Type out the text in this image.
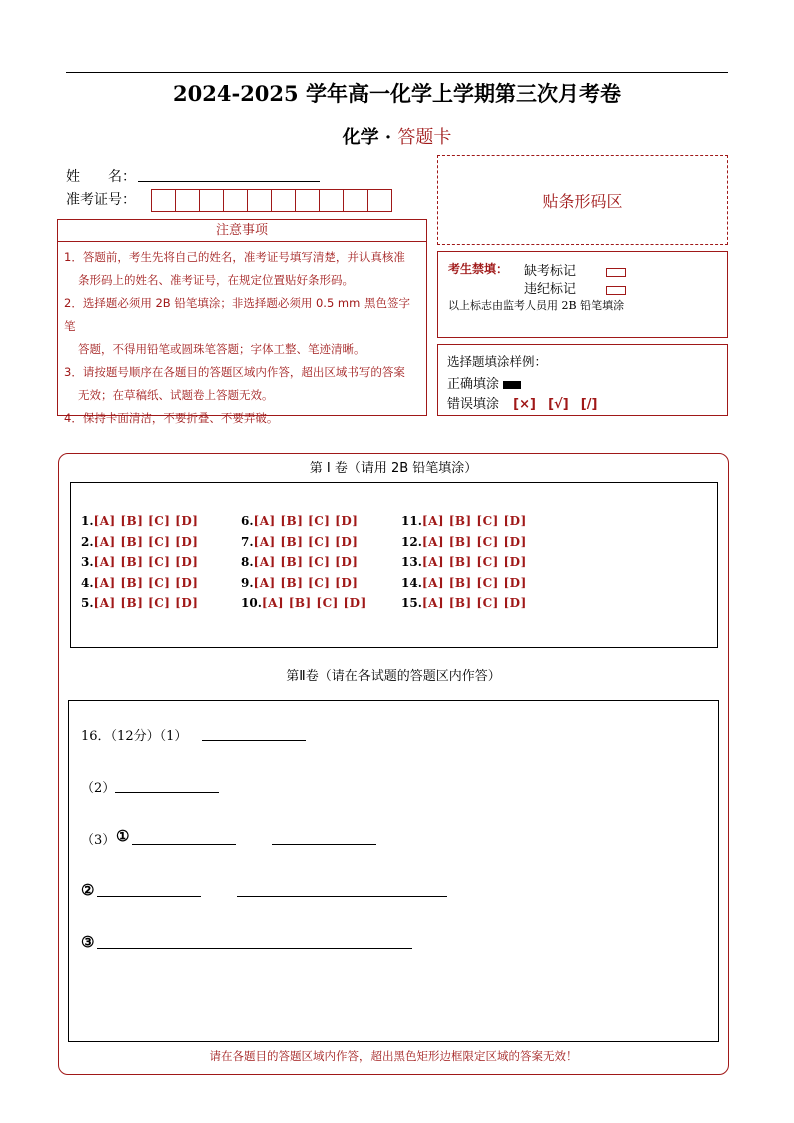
2024-2025 学年高一化学上学期第三次月考卷
化学 · 答题卡
姓　　名：
准考证号：	贴条形码区
注意事项

1．答题前，考生先将自己的姓名，准考证号填写清楚，并认真核准

条形码上的姓名、准考证号，在规定位置贴好条形码。

2．选择题必须用 2B 铅笔填涂；非选择题必须用 0.5 mm 黑色签字笔

答题，不得用铅笔或圆珠笔答题；字体工整、笔迹清晰。

3．请按题号顺序在各题目的答题区域内作答，超出区域书写的答案

无效；在草稿纸、试题卷上答题无效。

4．保持卡面清洁，不要折叠、不要弄破。

考生禁填： 缺考标记
违纪标记
以上标志由监考人员用 2B 铅笔填涂
选择题填涂样例：
正确填涂
错误填涂 [×] [√] [/]
第 I 卷（请用 2B 铅笔填涂）
1.[A] [B] [C] [D]
2.[A] [B] [C] [D]
3.[A] [B] [C] [D]
4.[A] [B] [C] [D]
5.[A] [B] [C] [D]
6.[A] [B] [C] [D]
7.[A] [B] [C] [D]
8.[A] [B] [C] [D]
9.[A] [B] [C] [D]
10.[A] [B] [C] [D]
11.[A] [B] [C] [D]
12.[A] [B] [C] [D]
13.[A] [B] [C] [D]
14.[A] [B] [C] [D]
15.[A] [B] [C] [D]
第Ⅱ卷（请在各试题的答题区内作答）
16．（12分）（1）
（2）
（3） ①
②
③
请在各题目的答题区域内作答，超出黑色矩形边框限定区域的答案无效！
